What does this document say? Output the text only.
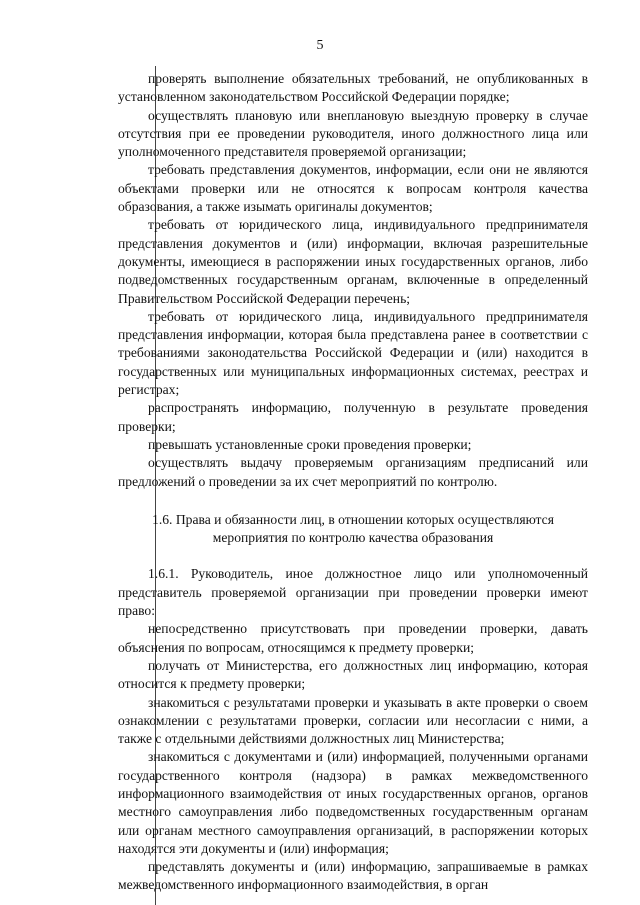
5

проверять выполнение обязательных требований, не опубликованных в установленном законодательством Российской Федерации порядке;

осуществлять плановую или внеплановую выездную проверку в случае отсутствия при ее проведении руководителя, иного должностного лица или уполномоченного представителя проверяемой организации;

требовать представления документов, информации, если они не являются объектами проверки или не относятся к вопросам контроля качества образования, а также изымать оригиналы документов;

требовать от юридического лица, индивидуального предпринимателя представления документов и (или) информации, включая разрешительные документы, имеющиеся в распоряжении иных государственных органов, либо подведомственных государственным органам, включенные в определенный Правительством Российской Федерации перечень;

требовать от юридического лица, индивидуального предпринимателя представления информации, которая была представлена ранее в соответствии с требованиями законодательства Российской Федерации и (или) находится в государственных или муниципальных информационных системах, реестрах и регистрах;

распространять информацию, полученную в результате проведения проверки;

превышать установленные сроки проведения проверки;

осуществлять выдачу проверяемым организациям предписаний или предложений о проведении за их счет мероприятий по контролю.

1.6. Права и обязанности лиц, в отношении которых осуществляются мероприятия по контролю качества образования

1.6.1. Руководитель, иное должностное лицо или уполномоченный представитель проверяемой организации при проведении проверки имеют право:

непосредственно присутствовать при проведении проверки, давать объяснения по вопросам, относящимся к предмету проверки;

получать от Министерства, его должностных лиц информацию, которая относится к предмету проверки;

знакомиться с результатами проверки и указывать в акте проверки о своем ознакомлении с результатами проверки, согласии или несогласии с ними, а также с отдельными действиями должностных лиц Министерства;

знакомиться с документами и (или) информацией, полученными органами государственного контроля (надзора) в рамках межведомственного информационного взаимодействия от иных государственных органов, органов местного самоуправления либо подведомственных государственным органам или органам местного самоуправления организаций, в распоряжении которых находятся эти документы и (или) информация;

представлять документы и (или) информацию, запрашиваемые в рамках межведомственного информационного взаимодействия, в орган
